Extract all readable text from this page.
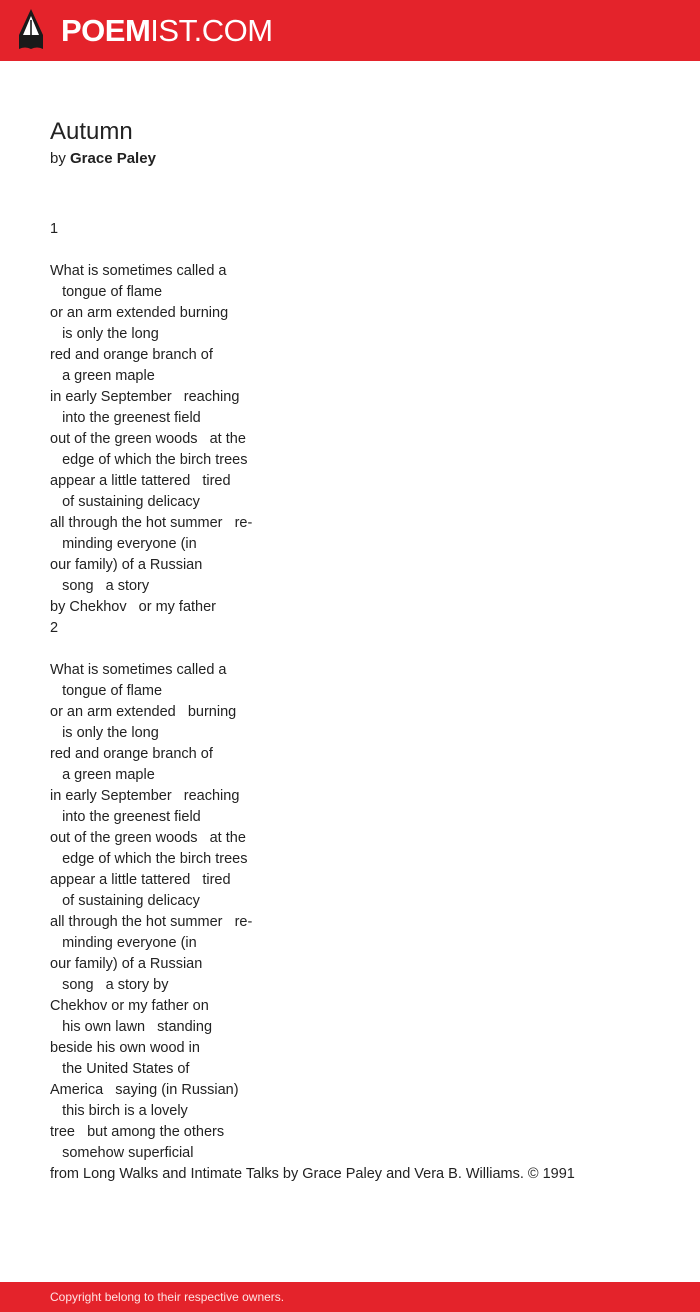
POEMIST.COM
Autumn
by Grace Paley
1
What is sometimes called a
tongue of flame
or an arm extended burning
is only the long
red and orange branch of
a green maple
in early September   reaching
into the greenest field
out of the green woods   at the
edge of which the birch trees
appear a little tattered   tired
of sustaining delicacy
all through the hot summer   re-
minding everyone (in
our family) of a Russian
song   a story
by Chekhov   or my father
2
What is sometimes called a
tongue of flame
or an arm extended   burning
is only the long
red and orange branch of
a green maple
in early September   reaching
into the greenest field
out of the green woods   at the
edge of which the birch trees
appear a little tattered   tired
of sustaining delicacy
all through the hot summer   re-
minding everyone (in
our family) of a Russian
song   a story by
Chekhov or my father on
his own lawn   standing
beside his own wood in
the United States of
America   saying (in Russian)
this birch is a lovely
tree   but among the others
somehow superficial
from Long Walks and Intimate Talks by Grace Paley and Vera B. Williams. © 1991
Copyright belong to their respective owners.
